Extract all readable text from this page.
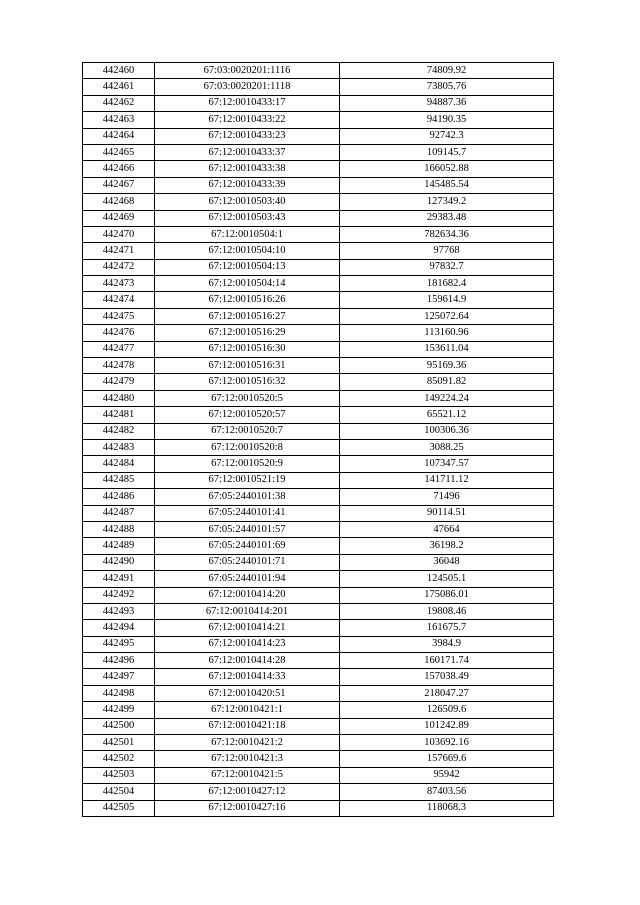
442460	67:03:0020201:1116	74809.92
442461	67:03:0020201:1118	73805.76
442462	67:12:0010433:17	94887.36
442463	67:12:0010433:22	94190.35
442464	67:12:0010433:23	92742.3
442465	67:12:0010433:37	109145.7
442466	67:12:0010433:38	166052.88
442467	67:12:0010433:39	145485.54
442468	67:12:0010503:40	127349.2
442469	67:12:0010503:43	29383.48
442470	67:12:0010504:1	782634.36
442471	67:12:0010504:10	97768
442472	67:12:0010504:13	97832.7
442473	67:12:0010504:14	181682.4
442474	67:12:0010516:26	159614.9
442475	67:12:0010516:27	125072.64
442476	67:12:0010516:29	113160.96
442477	67:12:0010516:30	153611.04
442478	67:12:0010516:31	95169.36
442479	67:12:0010516:32	85091.82
442480	67:12:0010520:5	149224.24
442481	67:12:0010520:57	65521.12
442482	67:12:0010520:7	100306.36
442483	67:12:0010520:8	3088.25
442484	67:12:0010520:9	107347.57
442485	67:12:0010521:19	141711.12
442486	67:05:2440101:38	71496
442487	67:05:2440101:41	90114.51
442488	67:05:2440101:57	47664
442489	67:05:2440101:69	36198.2
442490	67:05:2440101:71	36048
442491	67:05:2440101:94	124505.1
442492	67:12:0010414:20	175086.01
442493	67:12:0010414:201	19808.46
442494	67:12:0010414:21	161675.7
442495	67:12:0010414:23	3984.9
442496	67:12:0010414:28	160171.74
442497	67:12:0010414:33	157038.49
442498	67:12:0010420:51	218047.27
442499	67:12:0010421:1	126509.6
442500	67:12:0010421:18	101242.89
442501	67:12:0010421:2	103692.16
442502	67:12:0010421:3	157669.6
442503	67:12:0010421:5	95942
442504	67:12:0010427:12	87403.56
442505	67:12:0010427:16	118068.3
